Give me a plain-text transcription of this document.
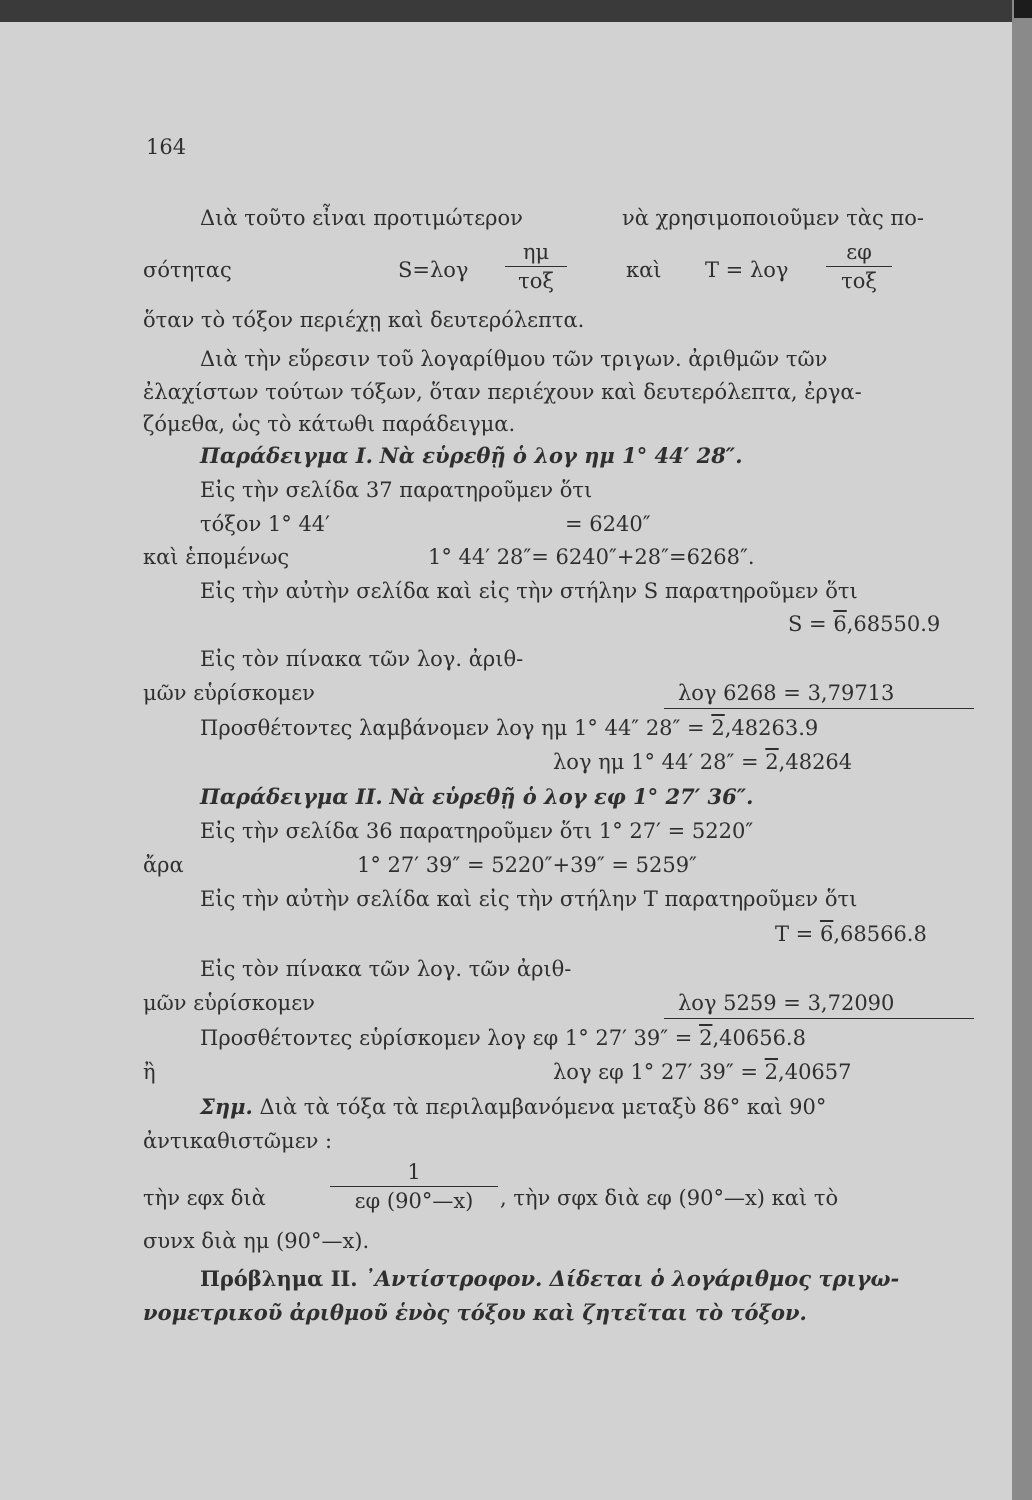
164
Διὰ τοῦτο εἶναι προτιμώτερον	νὰ χρησιμοποιοῦμεν τὰς πο-
σότητας	S=λογ
ημ
τοξ	καὶ T = λογ
εφ
τοξ
ὅταν τὸ τόξον περιέχῃ καὶ δευτερόλεπτα.
Διὰ τὴν εὕρεσιν τοῦ λογαρίθμου τῶν τριγων. ἀριθμῶν τῶν
ἐλαχίστων τούτων τόξων, ὅταν περιέχουν καὶ δευτερόλεπτα, ἐργα-
ζόμεθα, ὡς τὸ κάτωθι παράδειγμα.
Παράδειγμα Ι. Νὰ εὑρεθῇ ὁ λογ ημ 1° 44′ 28″.
Εἰς τὴν σελίδα 37 παρατηροῦμεν ὅτι
τόξον 1° 44′	= 6240″
καὶ ἑπομένως	1° 44′ 28″= 6240″+28″=6268″.
Εἰς τὴν αὐτὴν σελίδα καὶ εἰς τὴν στήλην S παρατηροῦμεν ὅτι
S = 6,68550.9
Εἰς τὸν πίνακα τῶν λογ. ἀριθ-
μῶν εὑρίσκομεν	λογ 6268 = 3,79713
Προσθέτοντες λαμβάνομεν λογ ημ 1° 44″ 28″ = 2,48263.9
λογ ημ 1° 44′ 28″ = 2,48264
Παράδειγμα ΙΙ. Νὰ εὑρεθῇ ὁ λογ εφ 1° 27′ 36″.
Εἰς τὴν σελίδα 36 παρατηροῦμεν ὅτι 1° 27′ = 5220″
ἄρα	1° 27′ 39″ = 5220″+39″ = 5259″
Εἰς τὴν αὐτὴν σελίδα καὶ εἰς τὴν στήλην T παρατηροῦμεν ὅτι
T = 6,68566.8
Εἰς τὸν πίνακα τῶν λογ. τῶν ἀριθ-
μῶν εὑρίσκομεν	λογ 5259 = 3,72090
Προσθέτοντες εὑρίσκομεν λογ εφ 1° 27′ 39″ = 2,40656.8
ἢ	λογ εφ 1° 27′ 39″ = 2,40657
Σημ. Διὰ τὰ τόξα τὰ περιλαμβανόμενα μεταξὺ 86° καὶ 90°
ἀντικαθιστῶμεν :
τὴν εφx διὰ
1
εφ (90°—x)	, τὴν σφx διὰ εφ (90°—x) καὶ τὸ
συνx διὰ ημ (90°—x).
Πρόβλημα ΙΙ. ᾿Αντίστροφον. Δίδεται ὁ λογάριθμος τριγω-
νομετρικοῦ ἀριθμοῦ ἑνὸς τόξου καὶ ζητεῖται τὸ τόξον.
